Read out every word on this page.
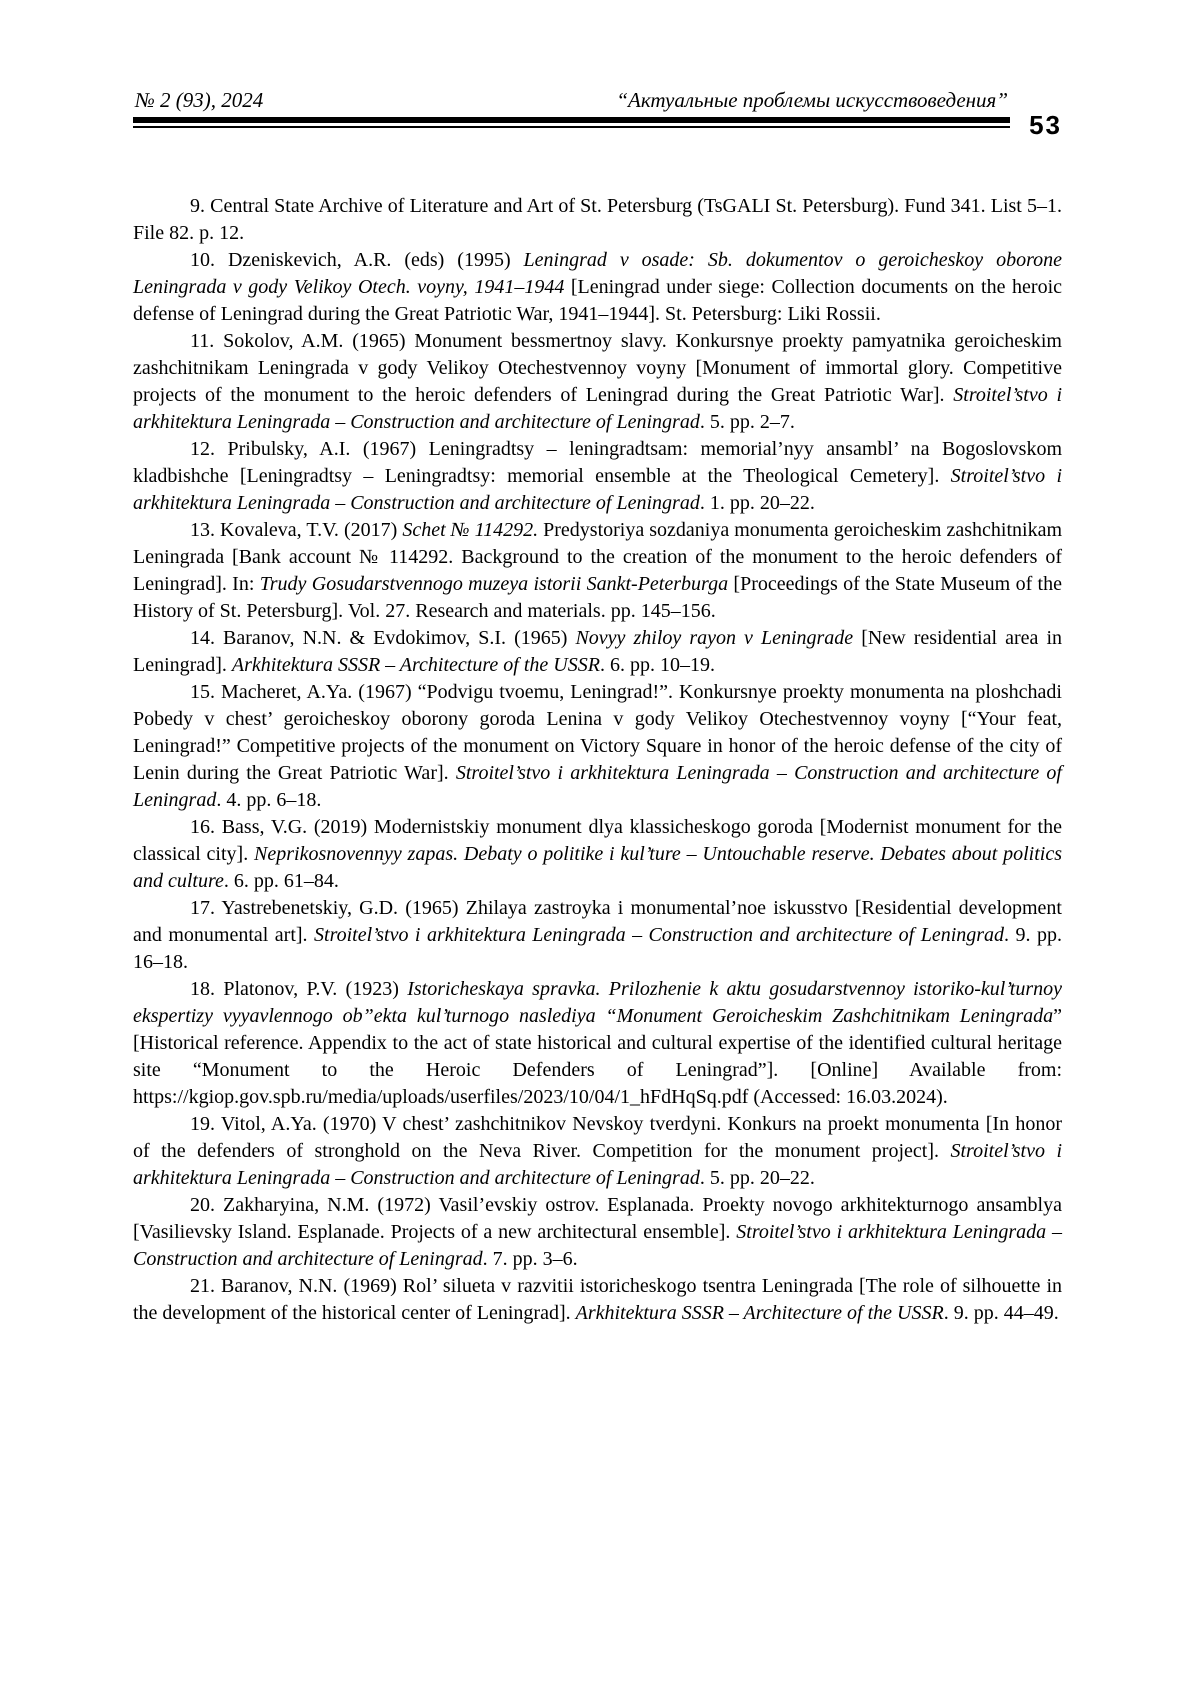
№ 2 (93), 2024	“Актуальные проблемы искусствоведения”
53

9. Central State Archive of Literature and Art of St. Petersburg (TsGALI St. Petersburg). Fund 341. List 5–1. File 82. p. 12.

10. Dzeniskevich, A.R. (eds) (1995) Leningrad v osade: Sb. dokumentov o geroicheskoy oborone Leningrada v gody Velikoy Otech. voyny, 1941–1944 [Leningrad under siege: Collection documents on the heroic defense of Leningrad during the Great Patriotic War, 1941–1944]. St. Petersburg: Liki Rossii.

11. Sokolov, A.M. (1965) Monument bessmertnoy slavy. Konkursnye proekty pamyatnika geroicheskim zashchitnikam Leningrada v gody Velikoy Otechestvennoy voyny [Monument of immortal glory. Competitive projects of the monument to the heroic defenders of Leningrad during the Great Patriotic War]. Stroitel’stvo i arkhitektura Leningrada – Construction and architecture of Leningrad. 5. pp. 2–7.

12. Pribulsky, A.I. (1967) Leningradtsy – leningradtsam: memorial’nyy ansambl’ na Bogoslovskom kladbishche [Leningradtsy – Leningradtsy: memorial ensemble at the Theological Cemetery]. Stroitel’stvo i arkhitektura Leningrada – Construction and architecture of Leningrad. 1. pp. 20–22.

13. Kovaleva, T.V. (2017) Schet № 114292. Predystoriya sozdaniya monumenta geroicheskim zashchitnikam Leningrada [Bank account № 114292. Background to the creation of the monument to the heroic defenders of Leningrad]. In: Trudy Gosudarstvennogo muzeya istorii Sankt-Peterburga [Proceedings of the State Museum of the History of St. Petersburg]. Vol. 27. Research and materials. pp. 145–156.

14. Baranov, N.N. & Evdokimov, S.I. (1965) Novyy zhiloy rayon v Leningrade [New residential area in Leningrad]. Arkhitektura SSSR – Architecture of the USSR. 6. pp. 10–19.

15. Macheret, A.Ya. (1967) “Podvigu tvoemu, Leningrad!”. Konkursnye proekty monumenta na ploshchadi Pobedy v chest’ geroicheskoy oborony goroda Lenina v gody Velikoy Otechestvennoy voyny [“Your feat, Leningrad!” Competitive projects of the monument on Victory Square in honor of the heroic defense of the city of Lenin during the Great Patriotic War]. Stroitel’stvo i arkhitektura Leningrada – Construction and architecture of Leningrad. 4. pp. 6–18.

16. Bass, V.G. (2019) Modernistskiy monument dlya klassicheskogo goroda [Modernist monument for the classical city]. Neprikosnovennyy zapas. Debaty o politike i kul’ture – Untouchable reserve. Debates about politics and culture. 6. pp. 61–84.

17. Yastrebenetskiy, G.D. (1965) Zhilaya zastroyka i monumental’noe iskusstvo [Residential development and monumental art]. Stroitel’stvo i arkhitektura Leningrada – Construction and architecture of Leningrad. 9. pp. 16–18.

18. Platonov, P.V. (1923) Istoricheskaya spravka. Prilozhenie k aktu gosudarstvennoy istoriko-kul’turnoy ekspertizy vyyavlennogo ob”ekta kul’turnogo naslediya “Monument Geroicheskim Zashchitnikam Leningrada” [Historical reference. Appendix to the act of state historical and cultural expertise of the identified cultural heritage site “Monument to the Heroic Defenders of Leningrad”]. [Online] Available from: https://kgiop.gov.spb.ru/media/uploads/userfiles/2023/10/04/1_hFdHqSq.pdf (Accessed: 16.03.2024).

19. Vitol, A.Ya. (1970) V chest’ zashchitnikov Nevskoy tverdyni. Konkurs na proekt monumenta [In honor of the defenders of stronghold on the Neva River. Competition for the monument project]. Stroitel’stvo i arkhitektura Leningrada – Construction and architecture of Leningrad. 5. pp. 20–22.

20. Zakharyina, N.M. (1972) Vasil’evskiy ostrov. Esplanada. Proekty novogo arkhitekturnogo ansamblya [Vasilievsky Island. Esplanade. Projects of a new architectural ensemble]. Stroitel’stvo i arkhitektura Leningrada – Construction and architecture of Leningrad. 7. pp. 3–6.

21. Baranov, N.N. (1969) Rol’ silueta v razvitii istoricheskogo tsentra Leningrada [The role of silhouette in the development of the historical center of Leningrad]. Arkhitektura SSSR – Architecture of the USSR. 9. pp. 44–49.
